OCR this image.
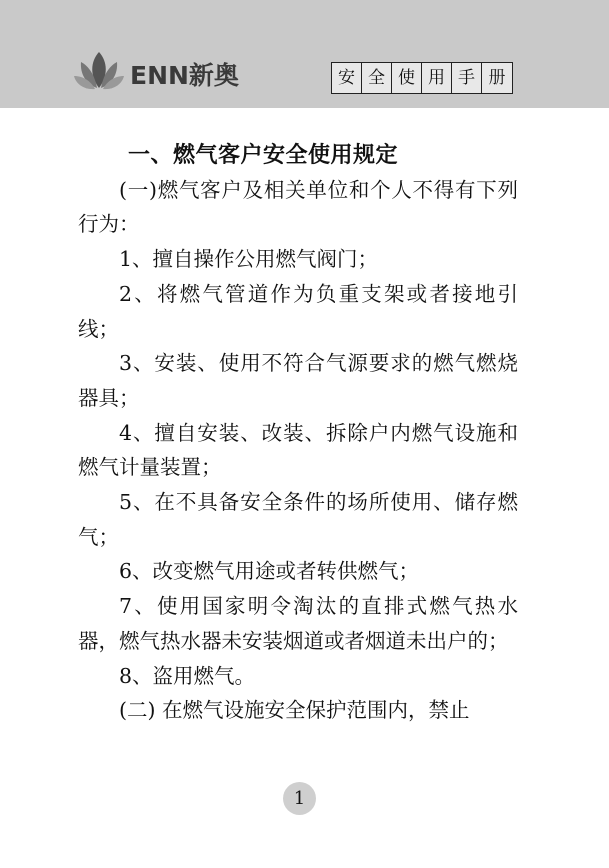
ENN新奥	安 全 使 用 手 册

一、燃气客户安全使用规定

(一)燃气客户及相关单位和个人不得有下列行为：

1、擅自操作公用燃气阀门；

2、将燃气管道作为负重支架或者接地引线；

3、安装、使用不符合气源要求的燃气燃烧器具；

4、擅自安装、改装、拆除户内燃气设施和燃气计量装置；

5、在不具备安全条件的场所使用、储存燃气；

6、改变燃气用途或者转供燃气；

7、使用国家明令淘汰的直排式燃气热水器，燃气热水器未安装烟道或者烟道未出户的；

8、盗用燃气。

(二) 在燃气设施安全保护范围内，禁止

1
